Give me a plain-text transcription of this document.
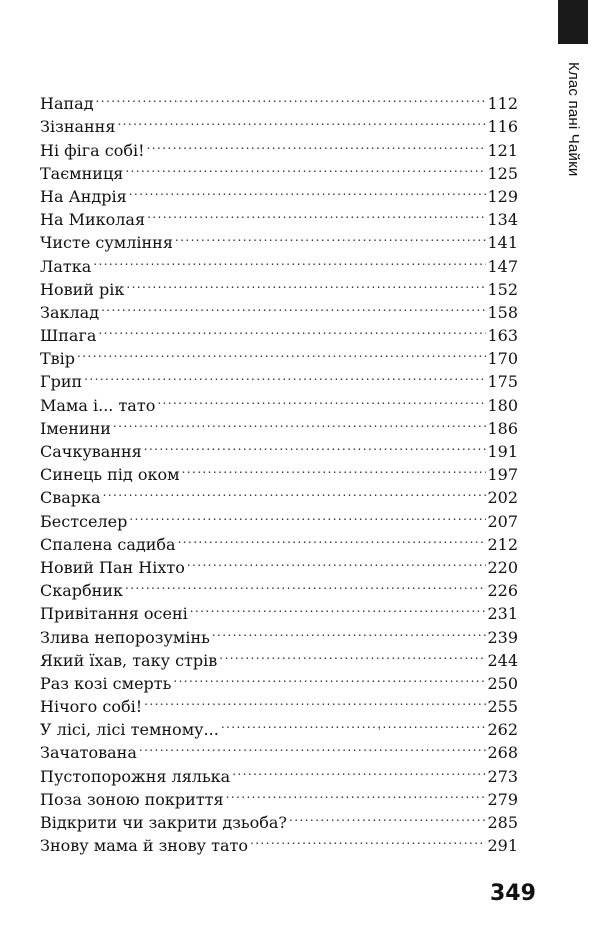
Клас пані Чайки
Напад .....	112
Зізнання .....	116
Ні фіга собі! .....	121
Таємниця .....	125
На Андрія .....	129
На Миколая .....	134
Чисте сумління .....	141
Латка .....	147
Новий рік .....	152
Заклад .....	158
Шпага .....	163
Твір .....	170
Грип .....	175
Мама і... тато .....	180
Іменини .....	186
Сачкування .....	191
Синець під оком .....	197
Сварка .....	202
Бестселер .....	207
Спалена садиба .....	212
Новий Пан Ніхто .....	220
Скарбник .....	226
Привітання осені .....	231
Злива непорозумінь .....	239
Який їхав, таку стрів .....	244
Раз козі смерть .....	250
Нічого собі! .....	255
У лісі, лісі темному... .....	262
Зачатована .....	268
Пустопорожня лялька .....	273
Поза зоною покриття .....	279
Відкрити чи закрити дзьоба? .....	285
Знову мама й знову тато .....	291
ʻ
349
